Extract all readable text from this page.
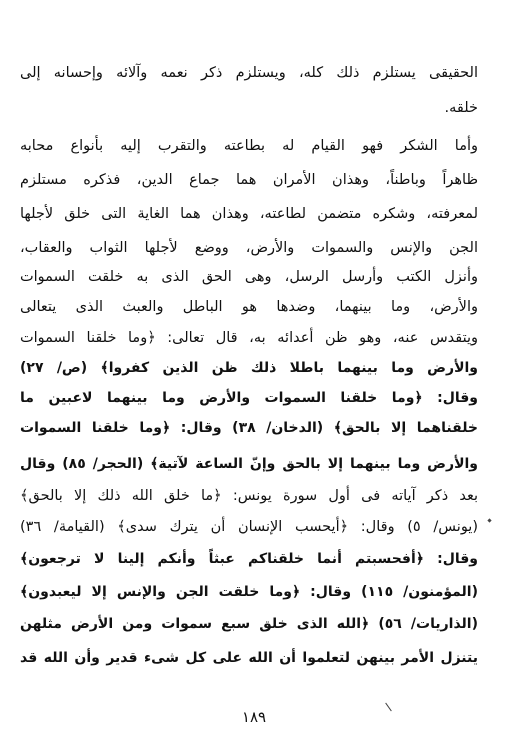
الحقيقى يستلزم ذلك كله، ويستلزم ذكر نعمه وآلائه وإحسانه إلى
خلقه.
وأما الشكر فهو القيام له بطاعته والتقرب إليه بأنواع محابه
ظاهراً وباطناً، وهذان الأمران هما جماع الدين، فذكره مستلزم
لمعرفته، وشكره متضمن لطاعته، وهذان هما الغاية التى خلق لأجلها
الجن والإنس والسموات والأرض، ووضع لأجلها الثواب والعقاب،
وأنزل الكتب وأرسل الرسل، وهى الحق الذى به خلقت السموات
والأرض، وما بينهما، وضدها هو الباطل والعبث الذى يتعالى
ويتقدس عنه، وهو ظن أعدائه به، قال تعالى: ﴿وما خلقنا السموات
والأرض وما بينهما باطلا ذلك ظن الذين كفروا﴾ (ص/ ٢٧)
وقال: ﴿وما خلقنا السموات والأرض وما بينهما لاعبين ما
خلقناهما إلا بالحق﴾ (الدخان/ ٣٨) وقال: ﴿وما خلقنا السموات
والأرض وما بينهما إلا بالحق وإنّ الساعة لآتية﴾ (الحجر/ ٨٥) وقال
بعد ذكر آياته فى أول سورة يونس: ﴿ما خلق الله ذلك إلا بالحق﴾
(يونس/ ٥) وقال: ﴿أيحسب الإنسان أن يترك سدى﴾ (القيامة/ ٣٦)
وقال: ﴿أفحسبتم أنما خلقناكم عبثاً وأنكم إلينا لا ترجعون﴾
(المؤمنون/ ١١٥) وقال: ﴿وما خلقت الجن والإنس إلا ليعبدون﴾
(الذاريات/ ٥٦) ﴿الله الذى خلق سبع سموات ومن الأرض مثلهن
يتنزل الأمر بينهن لتعلموا أن الله على كل شىء قدير وأن الله قد
١٨٩
